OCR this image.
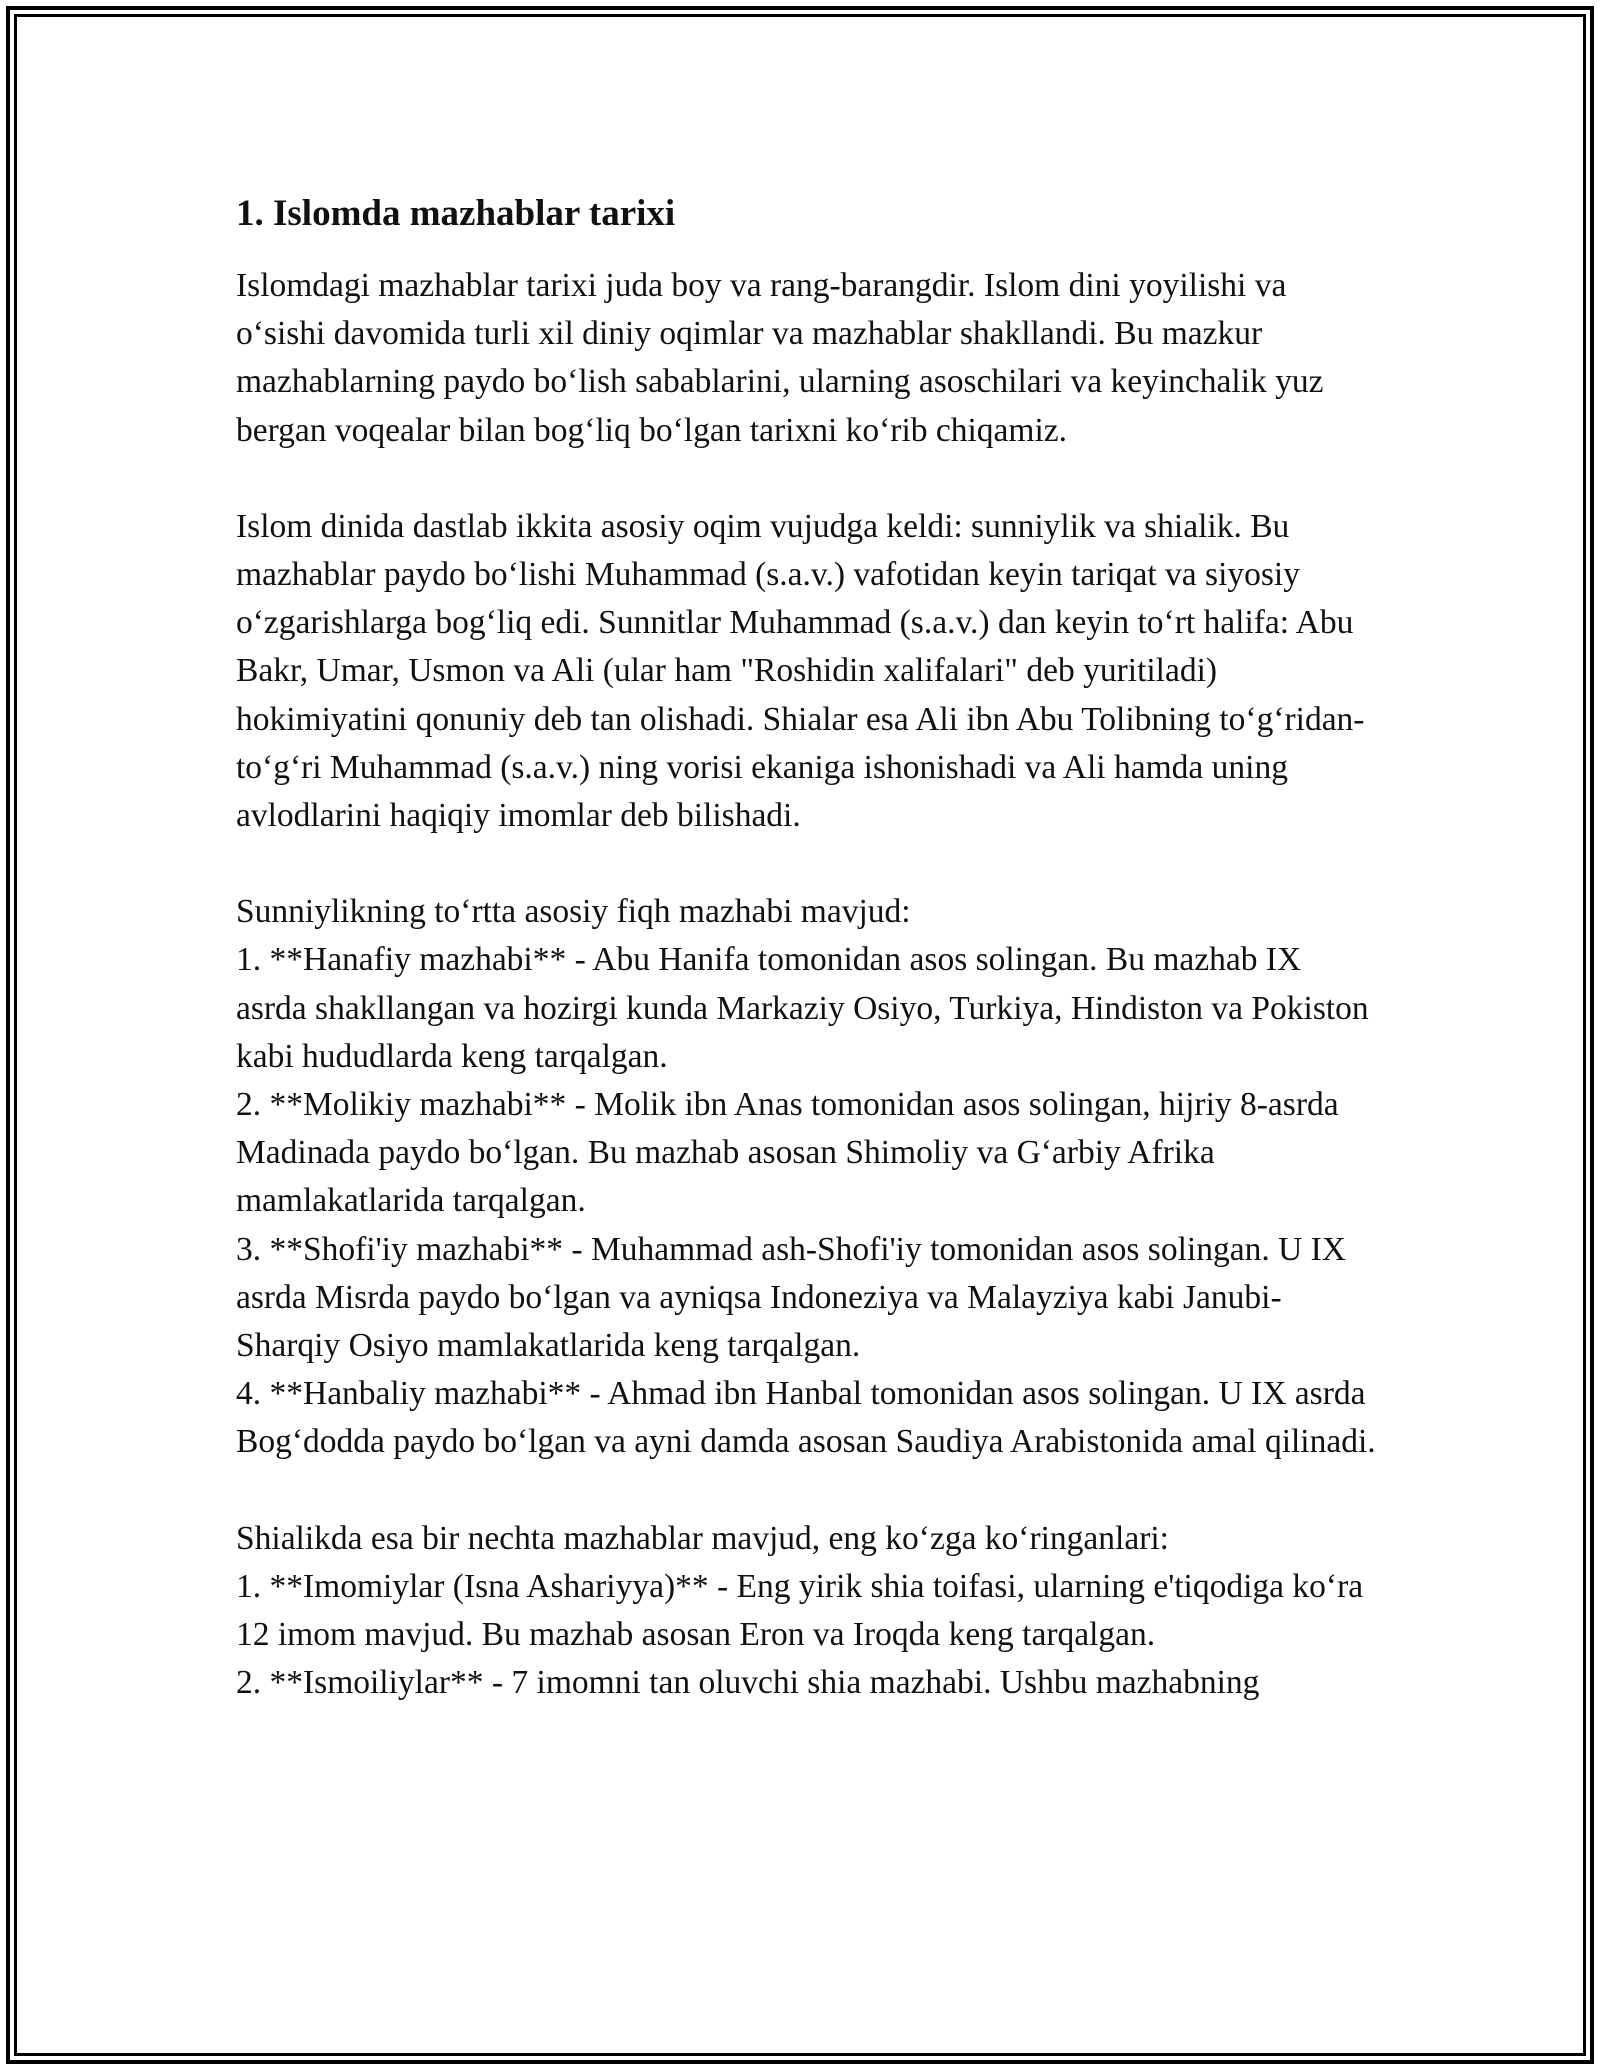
1. Islomda mazhablar tarixi

Islomdagi mazhablar tarixi juda boy va rang-barangdir. Islom dini yoyilishi va o‘sishi davomida turli xil diniy oqimlar va mazhablar shakllandi. Bu mazkur mazhablarning paydo bo‘lish sabablarini, ularning asoschilari va keyinchalik yuz bergan voqealar bilan bog‘liq bo‘lgan tarixni ko‘rib chiqamiz.

Islom dinida dastlab ikkita asosiy oqim vujudga keldi: sunniylik va shialik. Bu mazhablar paydo bo‘lishi Muhammad (s.a.v.) vafotidan keyin tariqat va siyosiy o‘zgarishlarga bog‘liq edi. Sunnitlar Muhammad (s.a.v.) dan keyin to‘rt halifa: Abu Bakr, Umar, Usmon va Ali (ular ham "Roshidin xalifalari" deb yuritiladi) hokimiyatini qonuniy deb tan olishadi. Shialar esa Ali ibn Abu Tolibning to‘g‘ridan-to‘g‘ri Muhammad (s.a.v.) ning vorisi ekaniga ishonishadi va Ali hamda uning avlodlarini haqiqiy imomlar deb bilishadi.

Sunniylikning to‘rtta asosiy fiqh mazhabi mavjud:
1. **Hanafiy mazhabi** - Abu Hanifa tomonidan asos solingan. Bu mazhab IX asrda shakllangan va hozirgi kunda Markaziy Osiyo, Turkiya, Hindiston va Pokiston kabi hududlarda keng tarqalgan.
2. **Molikiy mazhabi** - Molik ibn Anas tomonidan asos solingan, hijriy 8-asrda Madinada paydo bo‘lgan. Bu mazhab asosan Shimoliy va G‘arbiy Afrika mamlakatlarida tarqalgan.
3. **Shofi'iy mazhabi** - Muhammad ash-Shofi'iy tomonidan asos solingan. U IX asrda Misrda paydo bo‘lgan va ayniqsa Indoneziya va Malayziya kabi Janubi-Sharqiy Osiyo mamlakatlarida keng tarqalgan.
4. **Hanbaliy mazhabi** - Ahmad ibn Hanbal tomonidan asos solingan. U IX asrda Bog‘dodda paydo bo‘lgan va ayni damda asosan Saudiya Arabistonida amal qilinadi.
Shialikda esa bir nechta mazhablar mavjud, eng ko‘zga ko‘ringanlari:
1. **Imomiylar (Isna Ashariyya)** - Eng yirik shia toifasi, ularning e'tiqodiga ko‘ra 12 imom mavjud. Bu mazhab asosan Eron va Iroqda keng tarqalgan.
2. **Ismoiliylar** - 7 imomni tan oluvchi shia mazhabi. Ushbu mazhabning
